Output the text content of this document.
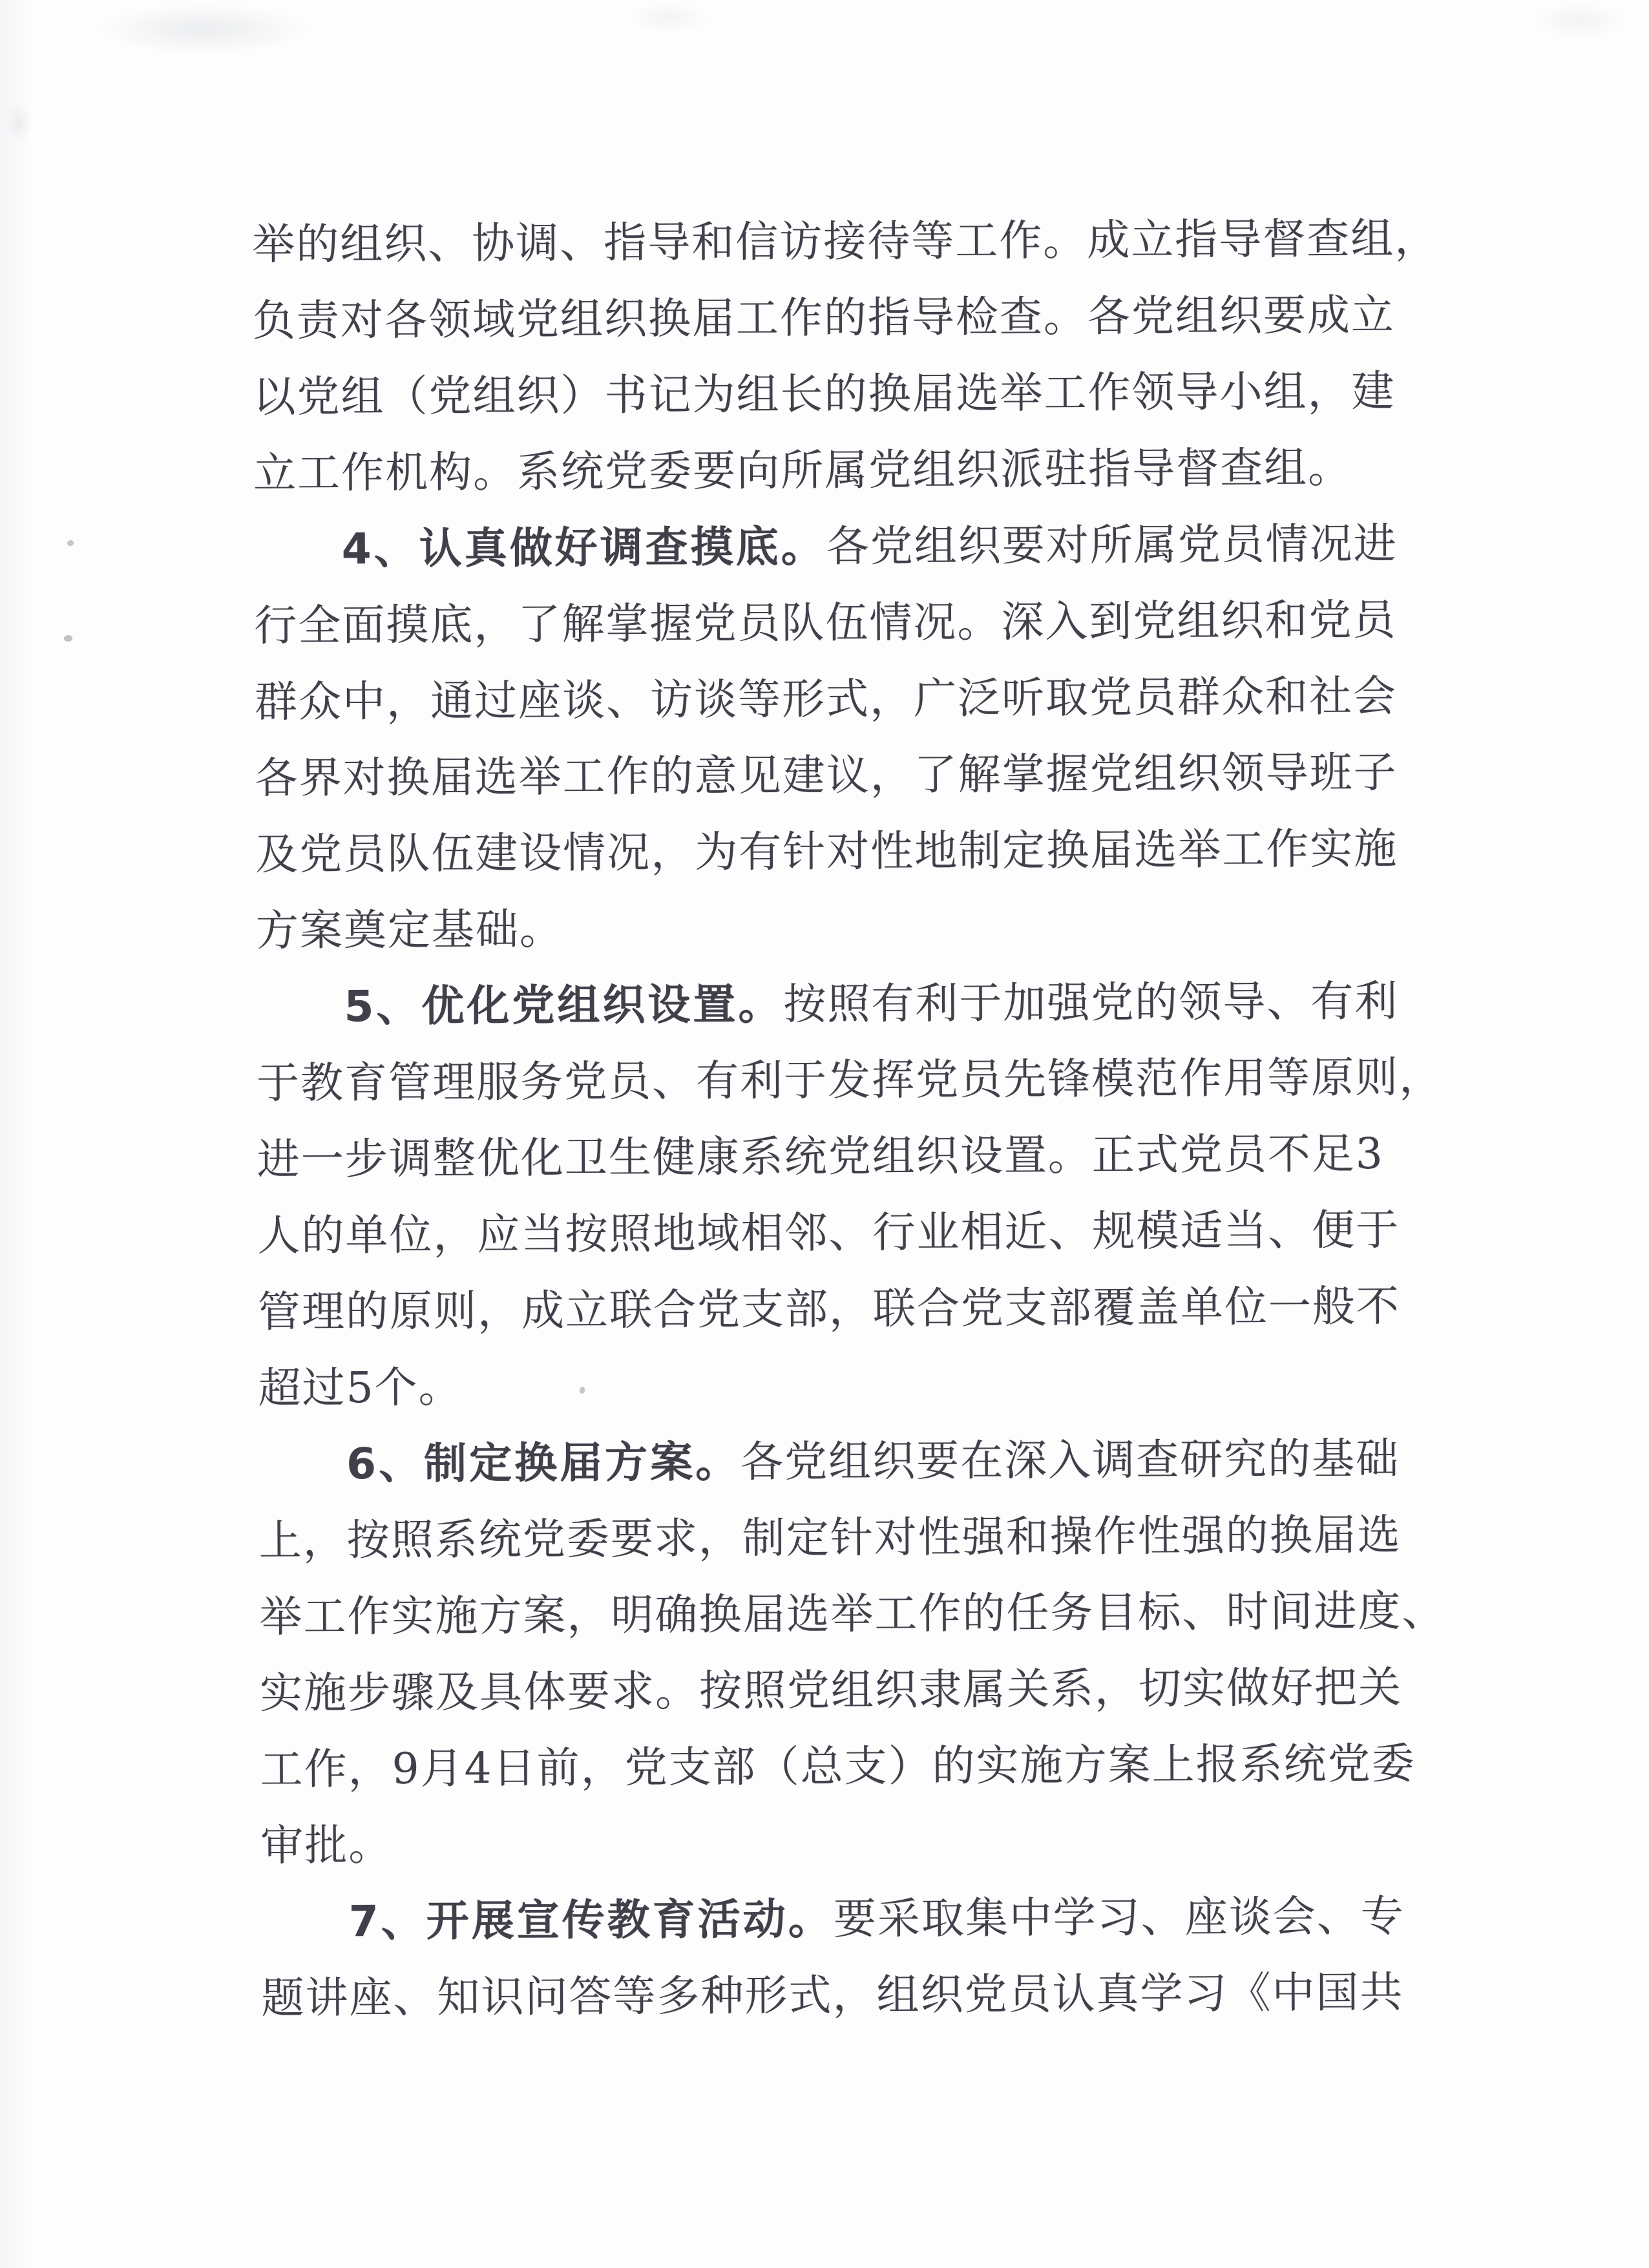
举的组织、协调、指导和信访接待等工作。成立指导督查组，
负责对各领域党组织换届工作的指导检查。各党组织要成立
以党组（党组织）书记为组长的换届选举工作领导小组，建
立工作机构。系统党委要向所属党组织派驻指导督查组。
4、认真做好调查摸底。各党组织要对所属党员情况进
行全面摸底，了解掌握党员队伍情况。深入到党组织和党员
群众中，通过座谈、访谈等形式，广泛听取党员群众和社会
各界对换届选举工作的意见建议，了解掌握党组织领导班子
及党员队伍建设情况，为有针对性地制定换届选举工作实施
方案奠定基础。
5、优化党组织设置。按照有利于加强党的领导、有利
于教育管理服务党员、有利于发挥党员先锋模范作用等原则，
进一步调整优化卫生健康系统党组织设置。正式党员不足3
人的单位，应当按照地域相邻、行业相近、规模适当、便于
管理的原则，成立联合党支部，联合党支部覆盖单位一般不
超过5个。
6、制定换届方案。各党组织要在深入调查研究的基础
上，按照系统党委要求，制定针对性强和操作性强的换届选
举工作实施方案，明确换届选举工作的任务目标、时间进度、
实施步骤及具体要求。按照党组织隶属关系，切实做好把关
工作，9月4日前，党支部（总支）的实施方案上报系统党委
审批。
7、开展宣传教育活动。要采取集中学习、座谈会、专
题讲座、知识问答等多种形式，组织党员认真学习《中国共
